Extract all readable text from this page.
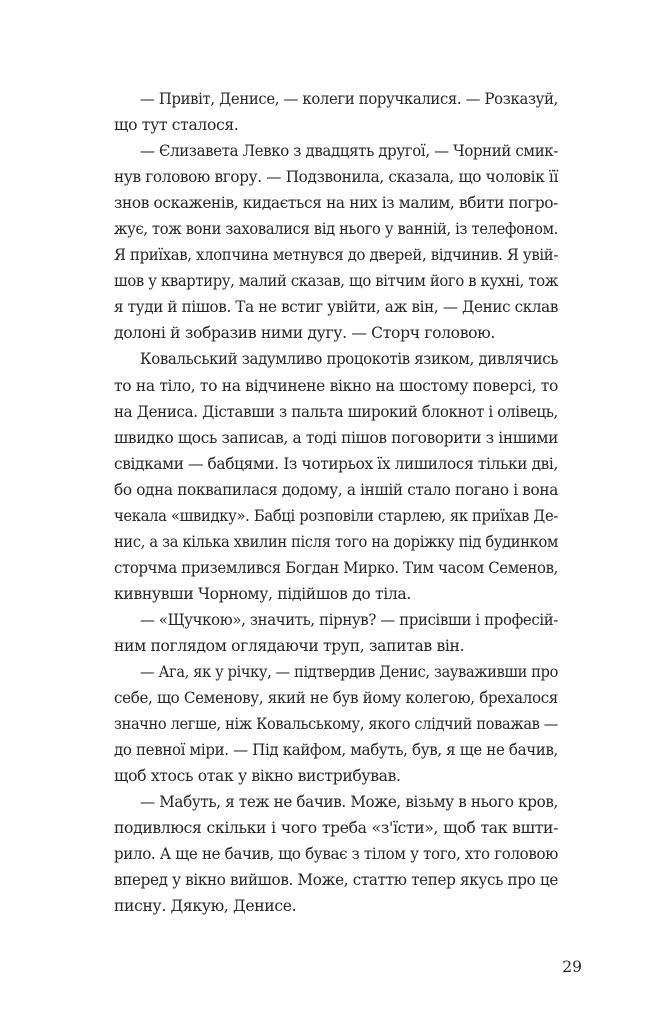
— Привіт, Денисе, — колеги поручкалися. — Розказуй,
що тут сталося.
— Єлизавета Левко з двадцять другої, — Чорний смик-
нув головою вгору. — Подзвонила, сказала, що чоловік її
знов оскаженів, кидається на них із малим, вбити погро-
жує, тож вони заховалися від нього у ванній, із телефоном.
Я приїхав, хлопчина метнувся до дверей, відчинив. Я увій-
шов у квартиру, малий сказав, що вітчим його в кухні, тож
я туди й пішов. Та не встиг увійти, аж він, — Денис склав
долоні й зобразив ними дугу. — Сторч головою.
Ковальський задумливо процокотів язиком, дивлячись
то на тіло, то на відчинене вікно на шостому поверсі, то
на Дениса. Діставши з пальта широкий блокнот і олівець,
швидко щось записав, а тоді пішов поговорити з іншими
свідками — бабцями. Із чотирьох їх лишилося тільки дві,
бо одна поквапилася додому, а іншій стало погано і вона
чекала «швидку». Бабці розповіли старлею, як приїхав Де-
нис, а за кілька хвилин після того на доріжку під будинком
сторчма приземлився Богдан Мирко. Тим часом Семенов,
кивнувши Чорному, підійшов до тіла.
— «Щучкою», значить, пірнув? — присівши і професій-
ним поглядом оглядаючи труп, запитав він.
— Ага, як у річку, — підтвердив Денис, зауваживши про
себе, що Семенову, який не був йому колегою, брехалося
значно легше, ніж Ковальському, якого слідчий поважав —
до певної міри. — Під кайфом, мабуть, був, я ще не бачив,
щоб хтось отак у вікно вистрибував.
— Мабуть, я теж не бачив. Може, візьму в нього кров,
подивлюся скільки і чого треба «з'їсти», щоб так вшти-
рило. А ще не бачив, що буває з тілом у того, хто головою
вперед у вікно вийшов. Може, статтю тепер якусь про це
писну. Дякую, Денисе.
29
